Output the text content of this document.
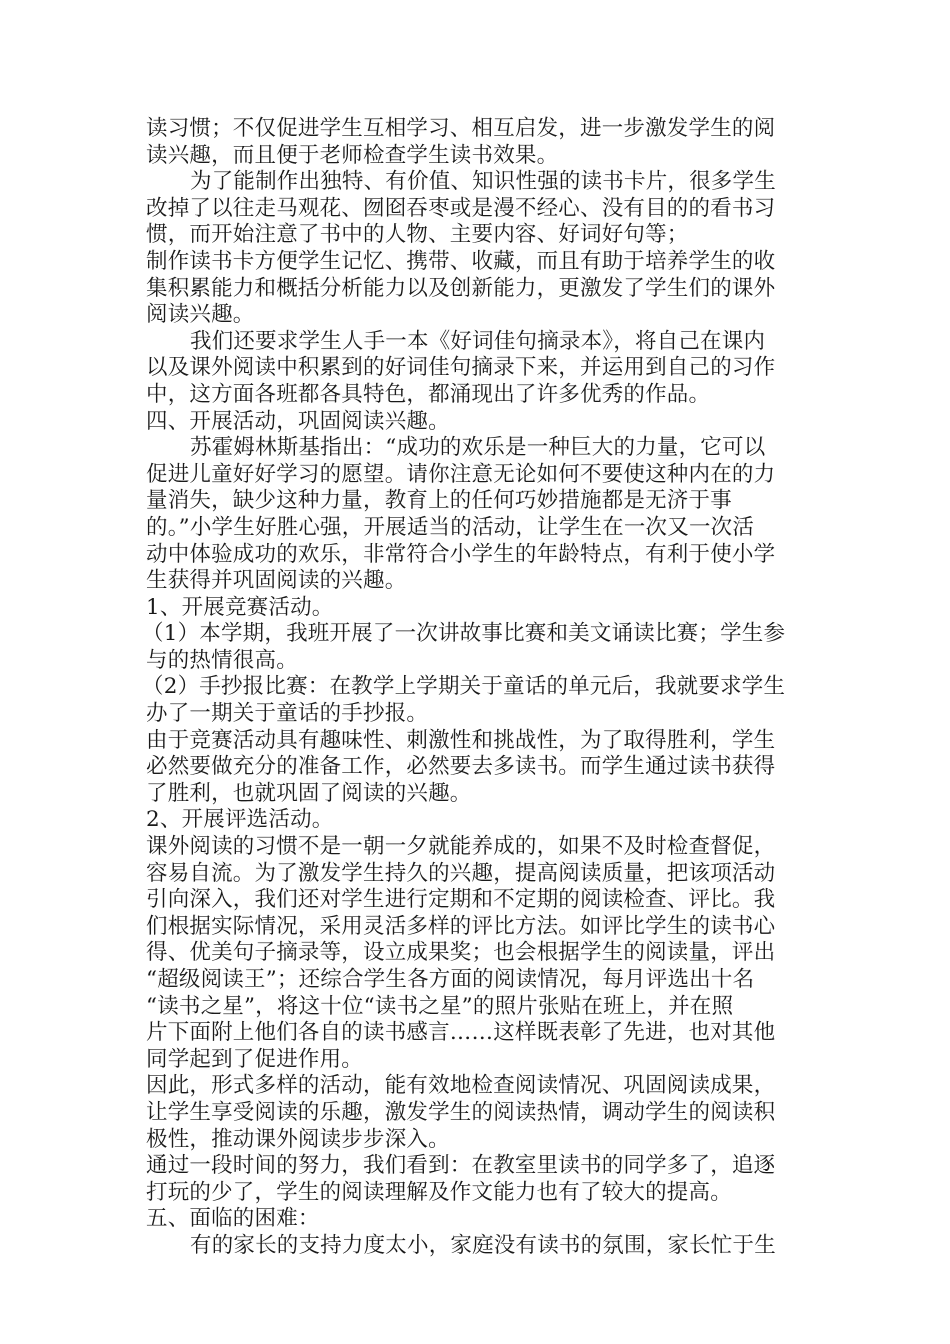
读习惯；不仅促进学生互相学习、相互启发，进一步激发学生的阅
读兴趣，而且便于老师检查学生读书效果。
为了能制作出独特、有价值、知识性强的读书卡片，很多学生
改掉了以往走马观花、囫囵吞枣或是漫不经心、没有目的的看书习
惯，而开始注意了书中的人物、主要内容、好词好句等；
制作读书卡方便学生记忆、携带、收藏，而且有助于培养学生的收
集积累能力和概括分析能力以及创新能力，更激发了学生们的课外
阅读兴趣。
我们还要求学生人手一本《好词佳句摘录本》，将自己在课内
以及课外阅读中积累到的好词佳句摘录下来，并运用到自己的习作
中，这方面各班都各具特色，都涌现出了许多优秀的作品。
四、开展活动，巩固阅读兴趣。
苏霍姆林斯基指出：“成功的欢乐是一种巨大的力量，它可以
促进儿童好好学习的愿望。请你注意无论如何不要使这种内在的力
量消失，缺少这种力量，教育上的任何巧妙措施都是无济于事
的。”小学生好胜心强，开展适当的活动，让学生在一次又一次活
动中体验成功的欢乐，非常符合小学生的年龄特点，有利于使小学
生获得并巩固阅读的兴趣。
1、开展竞赛活动。
（1）本学期，我班开展了一次讲故事比赛和美文诵读比赛；学生参
与的热情很高。
（2）手抄报比赛：在教学上学期关于童话的单元后，我就要求学生
办了一期关于童话的手抄报。
由于竞赛活动具有趣味性、刺激性和挑战性，为了取得胜利，学生
必然要做充分的准备工作，必然要去多读书。而学生通过读书获得
了胜利，也就巩固了阅读的兴趣。
2、开展评选活动。
课外阅读的习惯不是一朝一夕就能养成的，如果不及时检查督促，
容易自流。为了激发学生持久的兴趣，提高阅读质量，把该项活动
引向深入，我们还对学生进行定期和不定期的阅读检查、评比。我
们根据实际情况，采用灵活多样的评比方法。如评比学生的读书心
得、优美句子摘录等，设立成果奖；也会根据学生的阅读量，评出
“超级阅读王”；还综合学生各方面的阅读情况，每月评选出十名
“读书之星”，将这十位“读书之星”的照片张贴在班上，并在照
片下面附上他们各自的读书感言……这样既表彰了先进，也对其他
同学起到了促进作用。
因此，形式多样的活动，能有效地检查阅读情况、巩固阅读成果，
让学生享受阅读的乐趣，激发学生的阅读热情，调动学生的阅读积
极性，推动课外阅读步步深入。
通过一段时间的努力，我们看到：在教室里读书的同学多了，追逐
打玩的少了，学生的阅读理解及作文能力也有了较大的提高。
五、面临的困难：
有的家长的支持力度太小，家庭没有读书的氛围，家长忙于生
